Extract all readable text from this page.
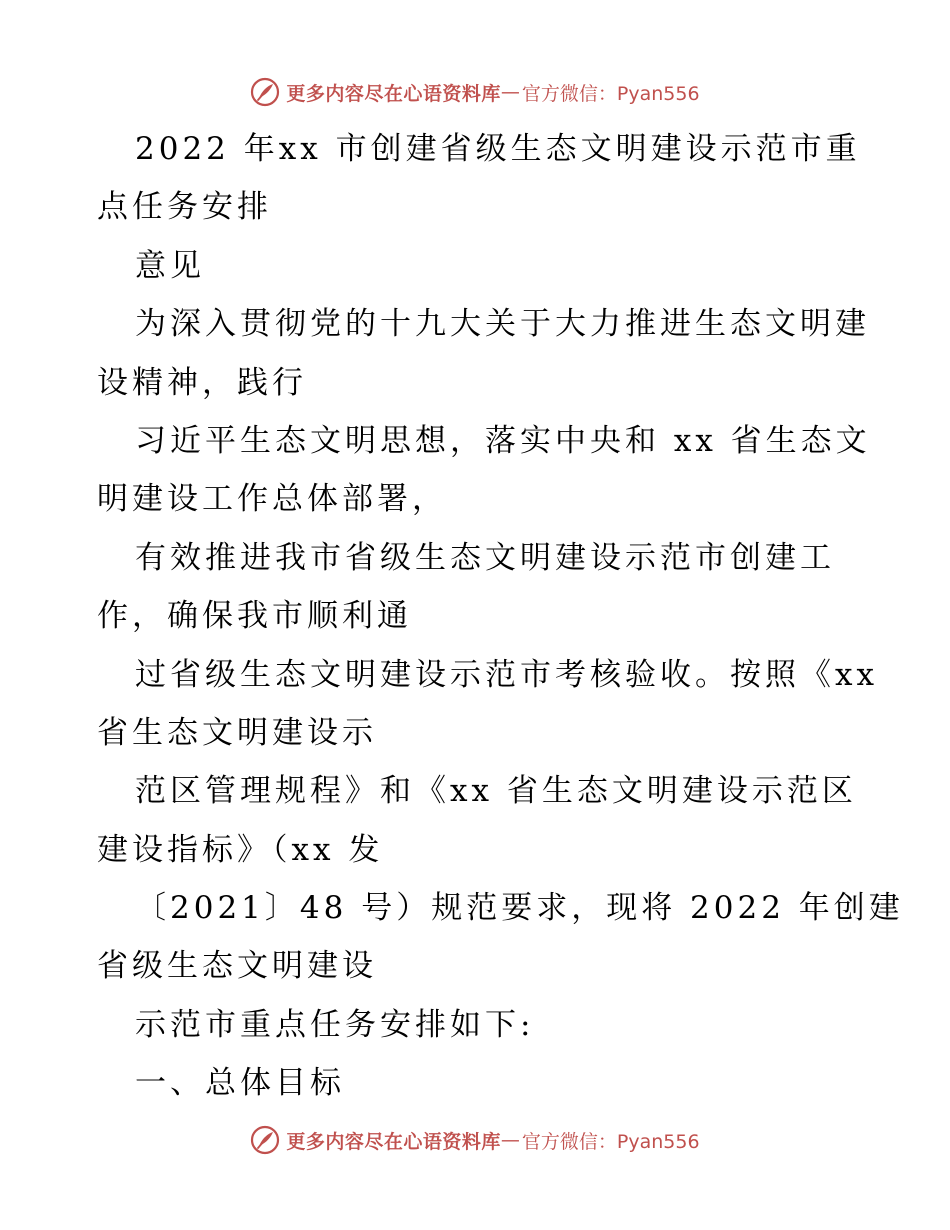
更多内容尽在心语资料库 — 官方微信：Pyan556
2022 年xx 市创建省级生态文明建设示范市重
点任务安排
意见
为深入贯彻党的十九大关于大力推进生态文明建
设精神，践行
习近平生态文明思想，落实中央和 xx 省生态文
明建设工作总体部署，
有效推进我市省级生态文明建设示范市创建工
作，确保我市顺利通
过省级生态文明建设示范市考核验收。按照《xx
省生态文明建设示
范区管理规程》和《xx 省生态文明建设示范区
建设指标》（xx 发
〔2021〕48 号）规范要求，现将 2022 年创建
省级生态文明建设
示范市重点任务安排如下:
一、总体目标
更多内容尽在心语资料库 — 官方微信：Pyan556
